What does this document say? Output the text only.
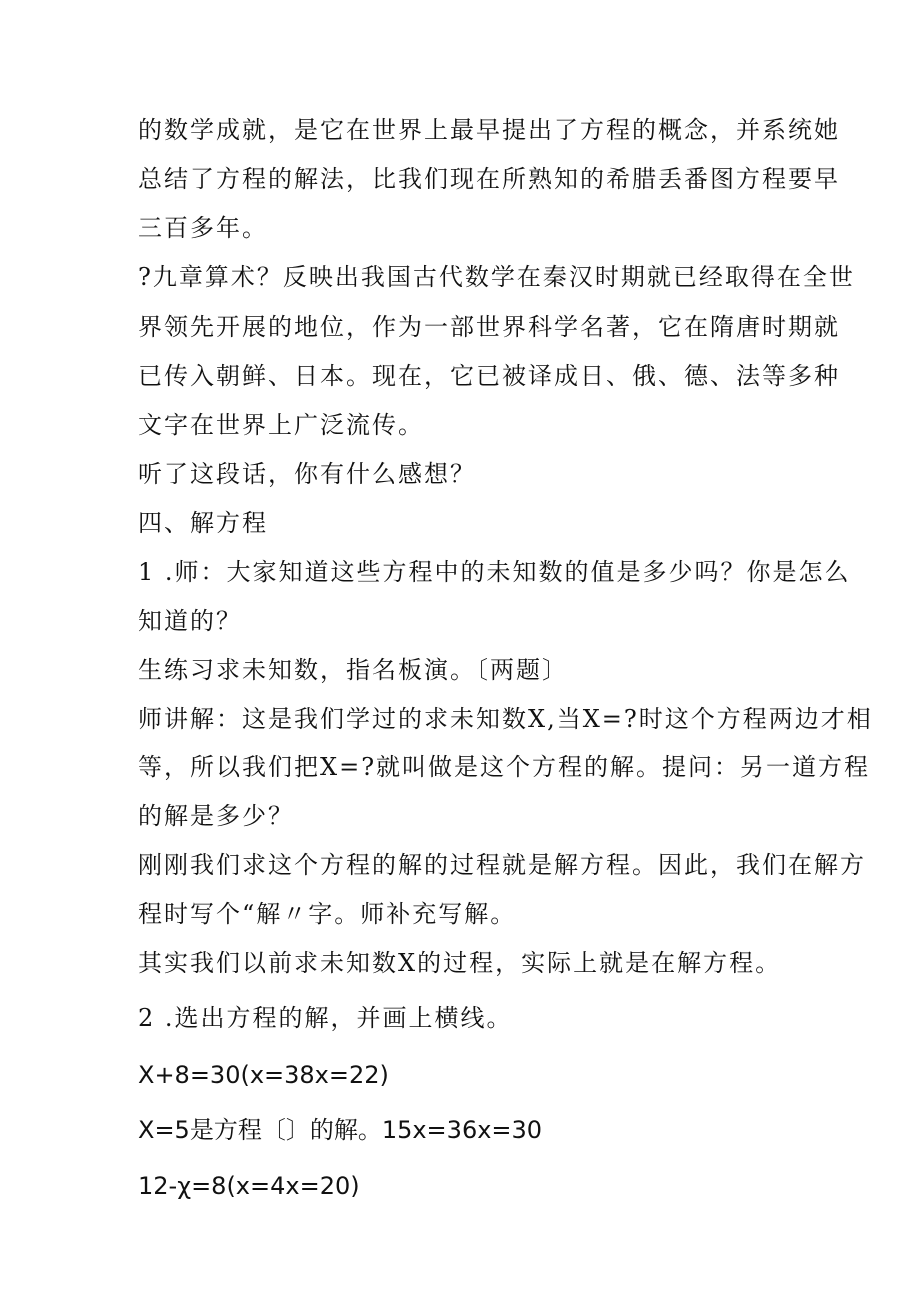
的数学成就，是它在世界上最早提出了方程的概念，并系统她
总结了方程的解法，比我们现在所熟知的希腊丢番图方程要早
三百多年。
?九章算术？反映出我国古代数学在秦汉时期就已经取得在全世
界领先开展的地位，作为一部世界科学名著，它在隋唐时期就
已传入朝鲜、日本。现在，它已被译成日、俄、德、法等多种
文字在世界上广泛流传。
听了这段话，你有什么感想？
四、解方程
1 .师：大家知道这些方程中的未知数的值是多少吗？你是怎么
知道的？
生练习求未知数，指名板演。〔两题〕
师讲解：这是我们学过的求未知数X,当X=?时这个方程两边才相
等，所以我们把X=?就叫做是这个方程的解。提问：另一道方程
的解是多少？
刚刚我们求这个方程的解的过程就是解方程。因此，我们在解方
程时写个“解〃字。师补充写解。
其实我们以前求未知数X的过程，实际上就是在解方程。
2 .选出方程的解，并画上横线。
X+8=30(x=38x=22)
X=5是方程〔〕的解。15x=36x=30
12-χ=8(x=4x=20)
